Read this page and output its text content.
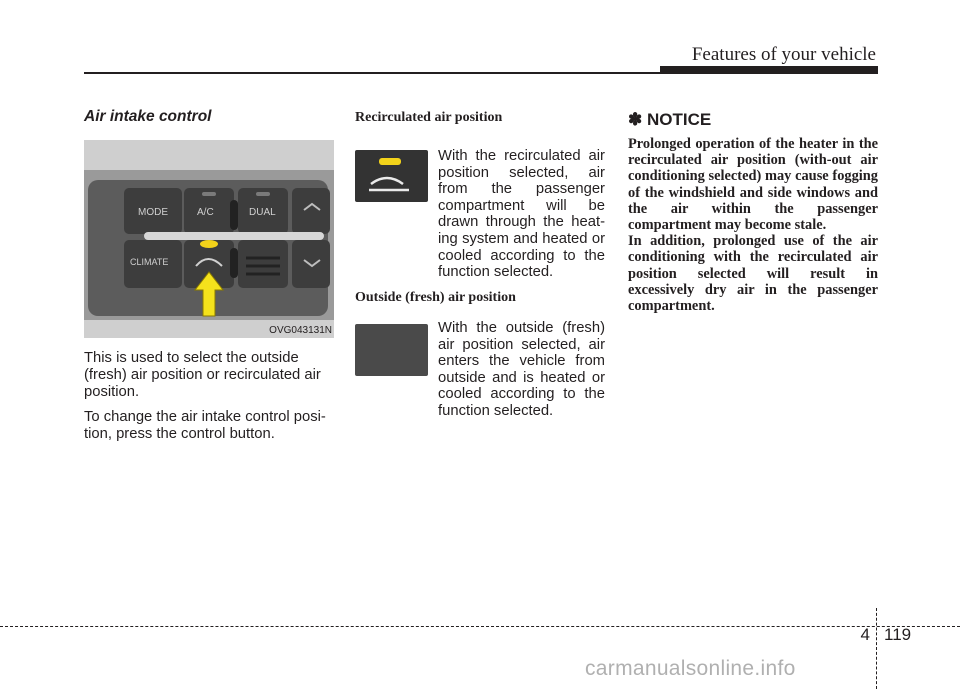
Features of your vehicle

Air intake control

MODE	A/C	DUAL
CLIMATE
OVG043131N

This is used to select the outside (fresh) air position or recirculated air position.

To change the air intake control posi-tion, press the control button.

Recirculated air position

With the recirculated air position selected, air from the passenger compartment will be drawn through the heat-ing system and heated or cooled according to the function selected.

Outside (fresh) air position

With the outside (fresh) air position selected, air enters the vehicle from outside and is heated or cooled according to the function selected.

✽ NOTICE

Prolonged operation of the heater in the recirculated air position (with-out air conditioning selected) may cause fogging of the windshield and side windows and the air within the passenger compartment may become stale.

In addition, prolonged use of the air conditioning with the recirculated air position selected will result in excessively dry air in the passenger compartment.

4 119
carmanualsonline.info
